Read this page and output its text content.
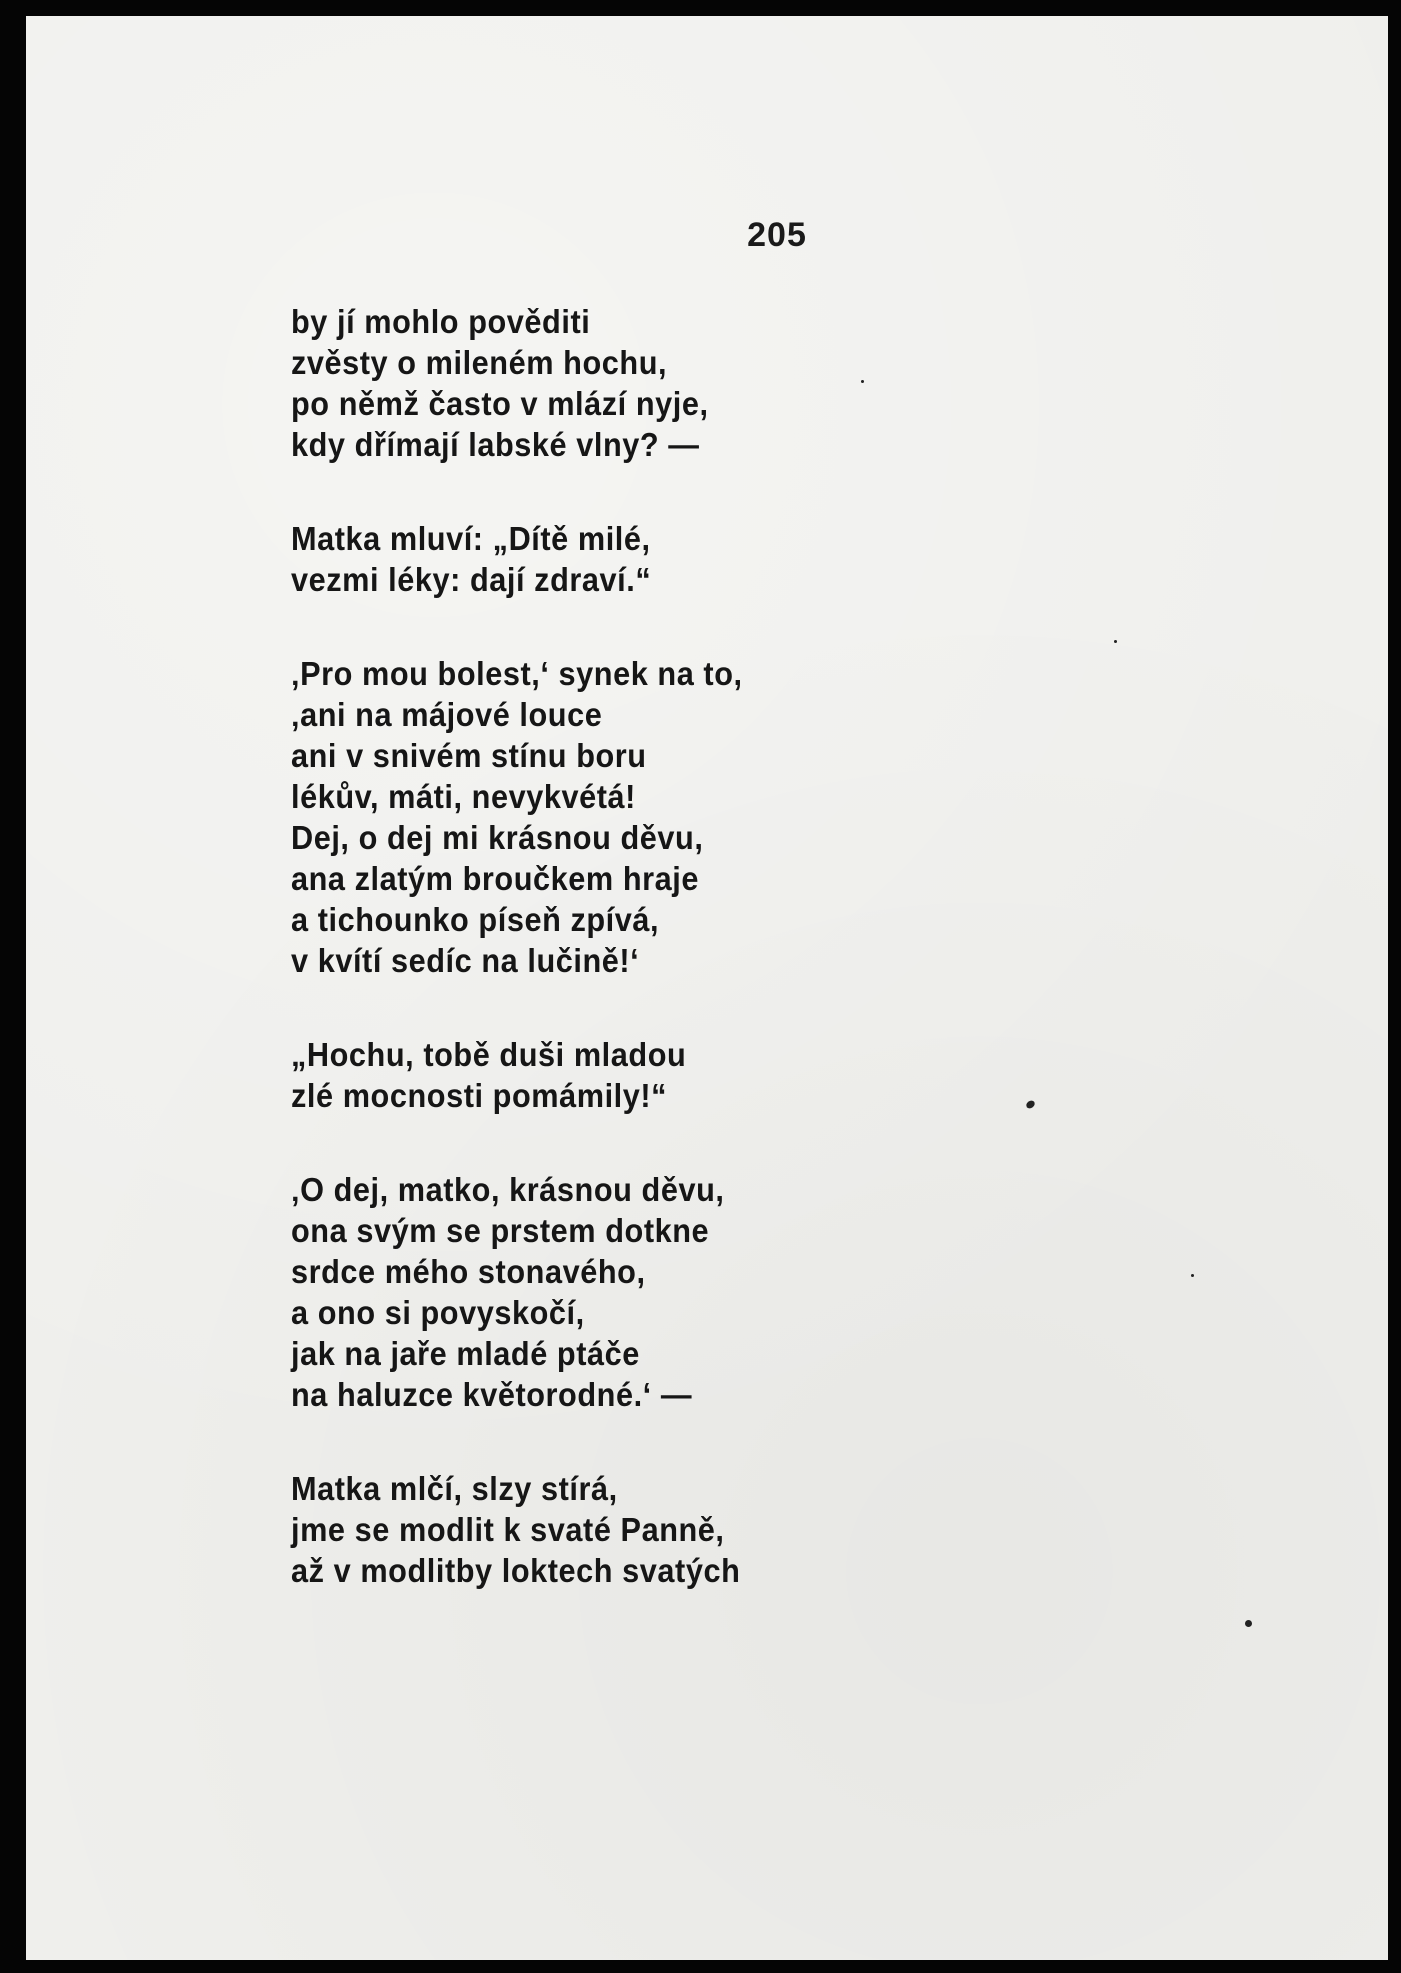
205
by jí mohlo pověditi
zvěsty o mileném hochu,
po němž často v mlází nyje,
kdy dřímají labské vlny? —
Matka mluví: „Dítě milé,
vezmi léky: dají zdraví.“
‚Pro mou bolest,‘ synek na to,
‚ani na májové louce
ani v snivém stínu boru
lékův, máti, nevykvétá!
Dej, o dej mi krásnou děvu,
ana zlatým broučkem hraje
a tichounko píseň zpívá,
v kvítí sedíc na lučině!‘
„Hochu, tobě duši mladou
zlé mocnosti pomámily!“
‚O dej, matko, krásnou děvu,
ona svým se prstem dotkne
srdce mého stonavého,
a ono si povyskočí,
jak na jaře mladé ptáče
na haluzce květorodné.‘ —
Matka mlčí, slzy stírá,
jme se modlit k svaté Panně,
až v modlitby loktech svatých
